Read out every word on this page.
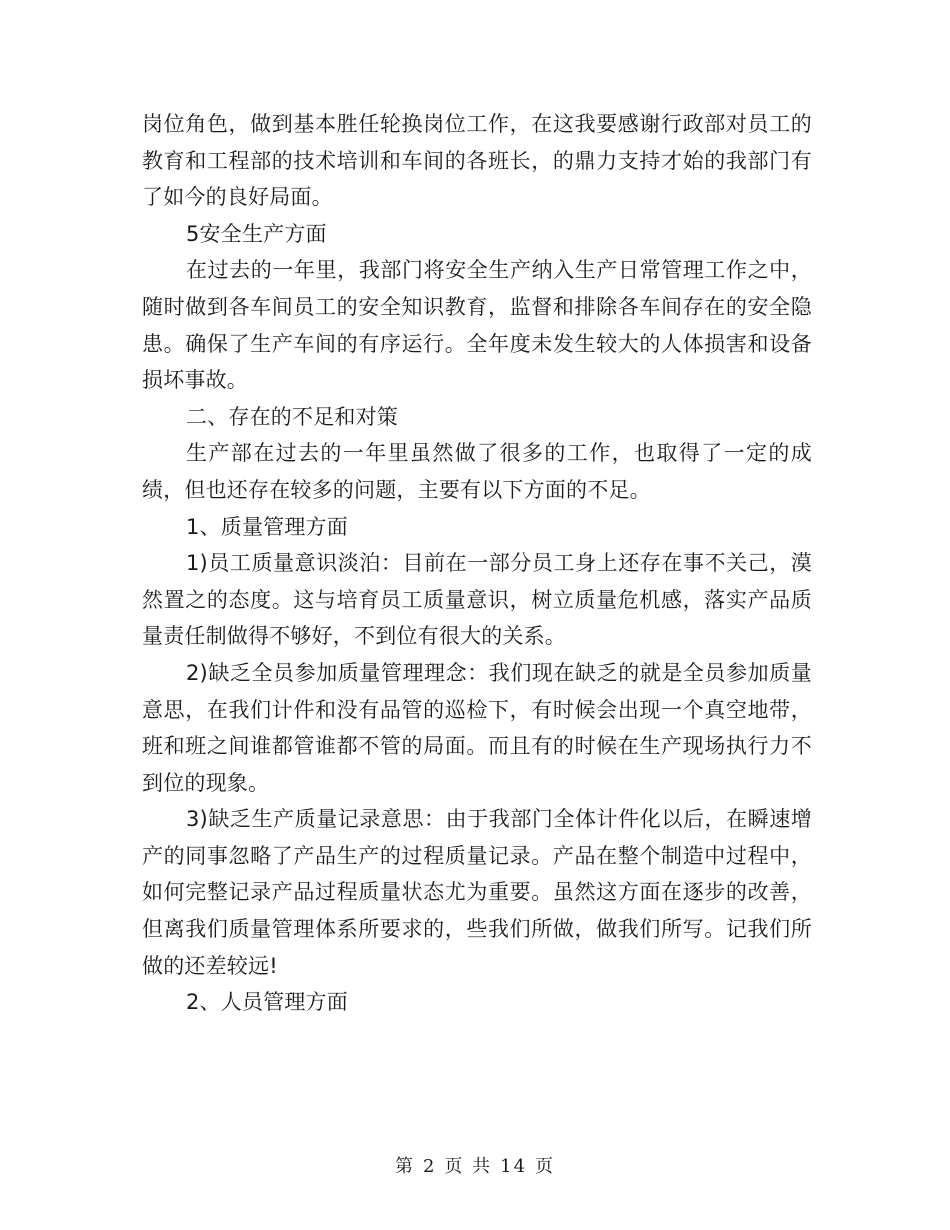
岗位角色，做到基本胜任轮换岗位工作，在这我要感谢行政部对员工的教育和工程部的技术培训和车间的各班长，的鼎力支持才始的我部门有了如今的良好局面。

5安全生产方面

在过去的一年里，我部门将安全生产纳入生产日常管理工作之中，随时做到各车间员工的安全知识教育，监督和排除各车间存在的安全隐患。确保了生产车间的有序运行。全年度未发生较大的人体损害和设备损坏事故。

二、存在的不足和对策

生产部在过去的一年里虽然做了很多的工作，也取得了一定的成绩，但也还存在较多的问题，主要有以下方面的不足。

1、质量管理方面

1)员工质量意识淡泊：目前在一部分员工身上还存在事不关己，漠然置之的态度。这与培育员工质量意识，树立质量危机感，落实产品质量责任制做得不够好，不到位有很大的关系。

2)缺乏全员参加质量管理理念：我们现在缺乏的就是全员参加质量意思，在我们计件和没有品管的巡检下，有时候会出现一个真空地带，班和班之间谁都管谁都不管的局面。而且有的时候在生产现场执行力不到位的现象。

3)缺乏生产质量记录意思：由于我部门全体计件化以后，在瞬速增产的同事忽略了产品生产的过程质量记录。产品在整个制造中过程中，如何完整记录产品过程质量状态尤为重要。虽然这方面在逐步的改善，但离我们质量管理体系所要求的，些我们所做，做我们所写。记我们所做的还差较远!

2、人员管理方面

第 2 页 共 14 页
